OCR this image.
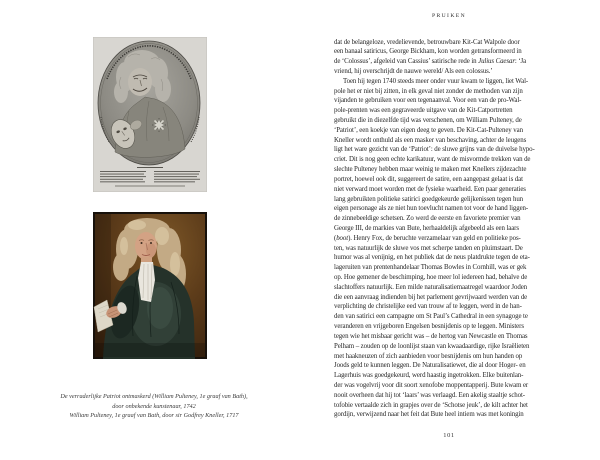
PRUIKEN
De verraderlijke Patriot ontmaskerd (William Pulteney, 1e graaf van Bath),
door onbekende kunstenaar, 1742
William Pulteney, 1e graaf van Bath, door sir Godfrey Kneller, 1717
dat de belangeloze, vredelievende, betrouwbare Kit-Cat Walpole door
een banaal satiricus, George Bickham, kon worden getransformeerd in
de ‘Colossus’, afgeleid van Cassius’ satirische rede in Julius Caesar: ‘Ja
vriend, hij overschrijdt de nauwe wereld/ Als een colossus.’
Toen hij tegen 1740 steeds meer onder vuur kwam te liggen, liet Wal-
pole het er niet bij zitten, in elk geval niet zonder de methoden van zijn
vijanden te gebruiken voor een tegenaanval. Voor een van de pro-Wal-
pole-prenten was een gegraveerde uitgave van de Kit-Catportretten
gebruikt die in diezelfde tijd was verschenen, om William Pulteney, de
‘Patriot’, een koekje van eigen deeg te geven. De Kit-Cat-Pulteney van
Kneller wordt onthuld als een masker van beschaving, achter de leugens
ligt het ware gezicht van de ‘Patriot’: de sluwe grijns van de duivelse hypo-
criet. Dit is nog geen echte karikatuur, want de misvormde trekken van de
slechte Pulteney hebben maar weinig te maken met Knellers zijdezachte
portret, hoewel ook dit, suggereert de satire, een aangepast gelaat is dat
niet verward moet worden met de fysieke waarheid. Een paar generaties
lang gebruikten politieke satirici goedgekeurde gelijkenissen tegen hun
eigen personage als ze niet hun toevlucht namen tot voor de hand liggen-
de zinnebeeldige schetsen. Zo werd de eerste en favoriete premier van
George III, de markies van Bute, herhaaldelijk afgebeeld als een laars
(boot). Henry Fox, de beruchte verzamelaar van geld en politieke pos-
ten, was natuurlijk de sluwe vos met scherpe tanden en pluimstaart. De
humor was al venijnig, en het publiek dat de neus platdrukte tegen de eta-
lageruiten van prentenhandelaar Thomas Bowles in Cornhill, was er gek
op. Hoe gemener de beschimping, hoe meer lol iedereen had, behalve de
slachtoffers natuurlijk. Een milde naturalisatiemaatregel waardoor Joden
die een aanvraag indienden bij het parlement gevrijwaard werden van de
verplichting de christelijke eed van trouw af te leggen, werd in de han-
den van satirici een campagne om St Paul’s Cathedral in een synagoge te
veranderen en vrijgeboren Engelsen besnijdenis op te leggen. Ministers
tegen wie het misbaar gericht was – de hertog van Newcastle en Thomas
Pelham – zouden op de loonlijst staan van kwaadaardige, rijke Israëlieten
met haakneuzen of zich aanbieden voor besnijdenis om hun handen op
Joods geld te kunnen leggen. De Naturalisatiewet, die al door Hoger- en
Lagerhuis was goedgekeurd, werd haastig ingetrokken. Elke buitenlan-
der was vogelvrij voor dit soort xenofobe moppentapperij. Bute kwam er
nooit overheen dat hij tot ‘laars’ was verlaagd. Een akelig staaltje schot-
tofobie vertaalde zich in grapjes over de ‘Schotse jeuk’, de kilt achter het
gordijn, verwijzend naar het feit dat Bute heel intiem was met koningin
101
